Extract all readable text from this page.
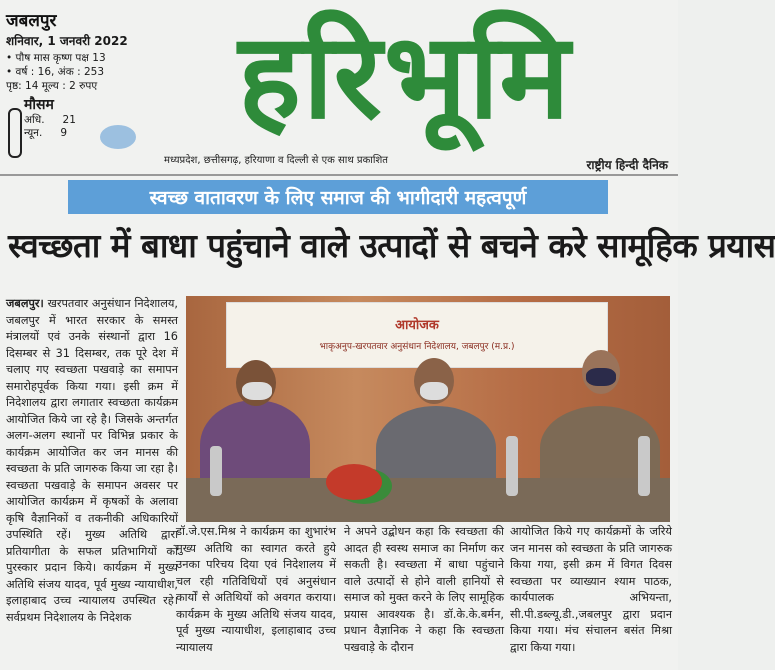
जबलपुर
शनिवार, 1 जनवरी 2022
• पौष मास कृष्ण पक्ष 13
• वर्ष : 16, अंक : 253
पृष्ठ: 14 मूल्य : 2 रुपए
मौसम
अधि. 21
न्यून. 9	हरिभूमि
मध्यप्रदेश, छत्तीसगढ़, हरियाणा व दिल्ली से एक साथ प्रकाशित	राष्ट्रीय हिन्दी दैनिक
स्वच्छ वातावरण के लिए समाज की भागीदारी महत्वपूर्ण
स्वच्छता में बाधा पहुंचाने वाले उत्पादों से बचने करे सामूहिक प्रयास
जबलपुर। खरपतवार अनुसंधान निदेशालय, जबलपुर में भारत सरकार के समस्त मंत्रालयों एवं उनके संस्थानों द्वारा 16 दिसम्बर से 31 दिसम्बर, तक पूरे देश में चलाए गए स्वच्छता पखवाड़े का समापन समारोहपूर्वक किया गया। इसी क्रम में निदेशालय द्वारा लगातार स्वच्छता कार्यक्रम आयोजित किये जा रहे है। जिसके अन्तर्गत अलग-अलग स्थानों पर विभिन्न प्रकार के कार्यक्रम आयोजित कर जन मानस की स्वच्छता के प्रति जागरुक किया जा रहा है। स्वच्छता पखवाड़े के समापन अवसर पर आयोजित कार्यक्रम में कृषकों के अलावा कृषि वैज्ञानिकों व तकनीकी अधिकारियों उपस्थिति रहें। मुख्य अतिथि द्वारा प्रतियागीता के सफल प्रतिभागियों को पुरस्कार प्रदान किये। कार्यक्रम में मुख्य अतिथि संजय यादव, पूर्व मुख्य न्यायाधीश, इलाहाबाद उच्च न्यायालय उपस्थित रहे।सर्वप्रथम निदेशालय के निदेशक
आयोजक
भाकृअनुप-खरपतवार अनुसंधान निदेशालय, जबलपुर (म.प्र.)
डॉ.जे.एस.मिश्र ने कार्यक्रम का शुभारंभ मुख्य अतिथि का स्वागत करते हुये उनका परिचय दिया एवं निदेशालय में चल रही गतिविधियों एवं अनुसंधान कार्यों से अतिथियों को अवगत कराया। कार्यक्रम के मुख्य अतिथि संजय यादव, पूर्व मुख्य न्यायाधीश, इलाहाबाद उच्च न्यायालय
ने अपने उद्बोधन कहा कि स्वच्छता की आदत ही स्वस्थ समाज का निर्माण कर सकती है। स्वच्छता में बाधा पहुंचाने वाले उत्पादों से होने वाली हानियों से समाज को मुक्त करने के लिए सामूहिक प्रयास आवश्यक है। डॉ.के.के.बर्मन, प्रधान वैज्ञानिक ने कहा कि स्वच्छता पखवाड़े के दौरान
आयोजित किये गए कार्यक्रमों के जरिये जन मानस को स्वच्छता के प्रति जागरुक किया गया, इसी क्रम में विगत दिवस स्वच्छता पर व्याख्यान श्याम पाठक, कार्यपालक अभियन्ता, सी.पी.डब्ल्यू.डी.,जबलपुर द्वारा प्रदान किया गया। मंच संचालन बसंत मिश्रा द्वारा किया गया।
